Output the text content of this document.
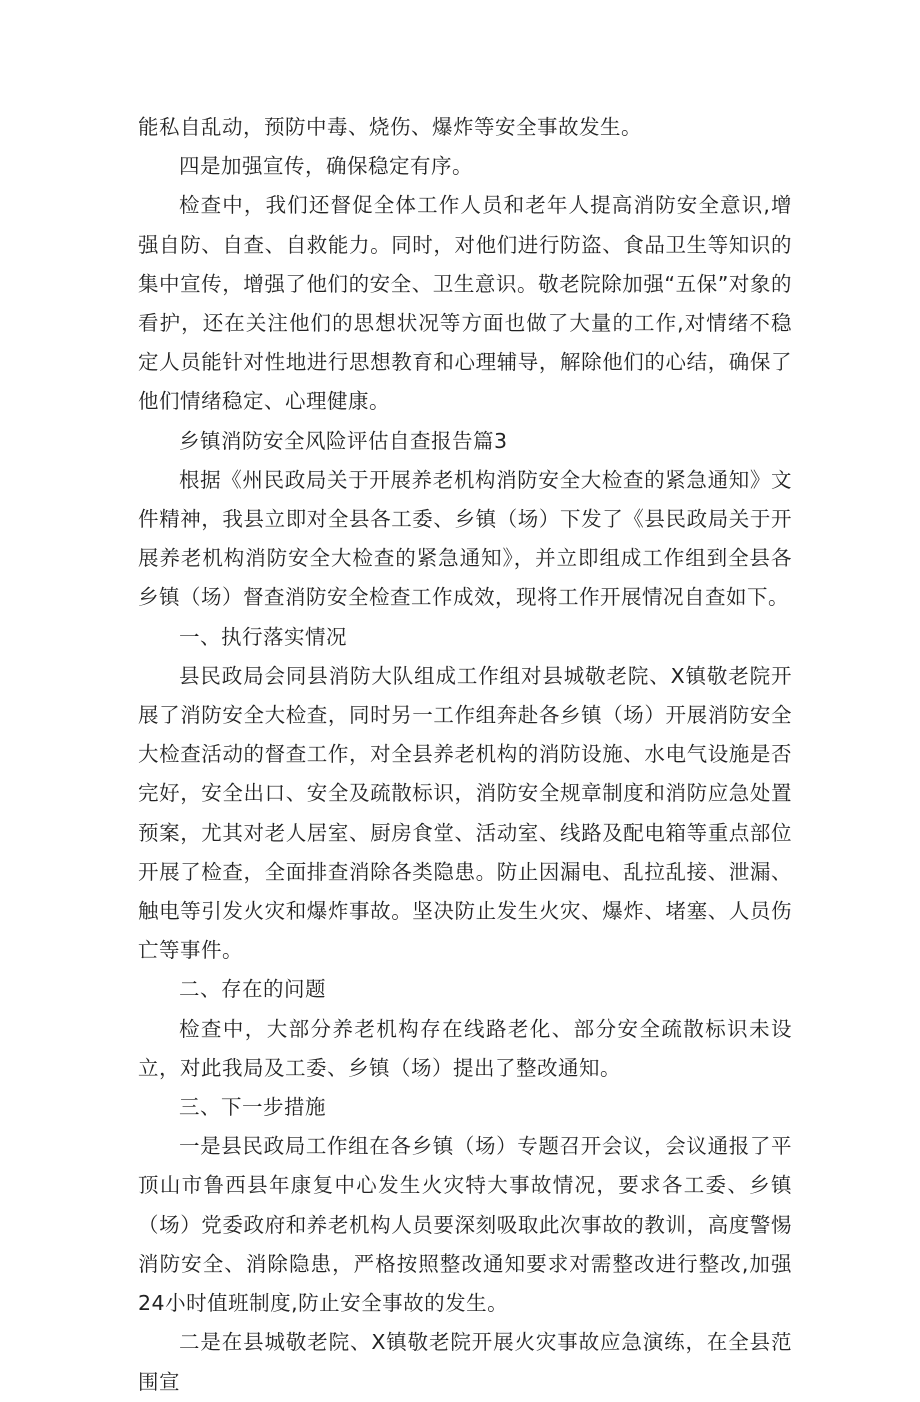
能私自乱动，预防中毒、烧伤、爆炸等安全事故发生。

四是加强宣传，确保稳定有序。

检查中，我们还督促全体工作人员和老年人提高消防安全意识,增强自防、自查、自救能力。同时，对他们进行防盗、食品卫生等知识的集中宣传，增强了他们的安全、卫生意识。敬老院除加强“五保”对象的看护，还在关注他们的思想状况等方面也做了大量的工作,对情绪不稳定人员能针对性地进行思想教育和心理辅导，解除他们的心结，确保了他们情绪稳定、心理健康。

乡镇消防安全风险评估自查报告篇3

根据《州民政局关于开展养老机构消防安全大检查的紧急通知》文件精神，我县立即对全县各工委、乡镇（场）下发了《县民政局关于开展养老机构消防安全大检查的紧急通知》，并立即组成工作组到全县各乡镇（场）督查消防安全检查工作成效，现将工作开展情况自查如下。

一、执行落实情况

县民政局会同县消防大队组成工作组对县城敬老院、X镇敬老院开展了消防安全大检查，同时另一工作组奔赴各乡镇（场）开展消防安全大检查活动的督查工作，对全县养老机构的消防设施、水电气设施是否完好，安全出口、安全及疏散标识，消防安全规章制度和消防应急处置预案，尤其对老人居室、厨房食堂、活动室、线路及配电箱等重点部位开展了检查，全面排查消除各类隐患。防止因漏电、乱拉乱接、泄漏、触电等引发火灾和爆炸事故。坚决防止发生火灾、爆炸、堵塞、人员伤亡等事件。

二、存在的问题

检查中，大部分养老机构存在线路老化、部分安全疏散标识未设立，对此我局及工委、乡镇（场）提出了整改通知。

三、下一步措施

一是县民政局工作组在各乡镇（场）专题召开会议，会议通报了平顶山市鲁西县年康复中心发生火灾特大事故情况，要求各工委、乡镇（场）党委政府和养老机构人员要深刻吸取此次事故的教训，高度警惕消防安全、消除隐患，严格按照整改通知要求对需整改进行整改,加强24小时值班制度,防止安全事故的发生。

二是在县城敬老院、X镇敬老院开展火灾事故应急演练，在全县范围宣
